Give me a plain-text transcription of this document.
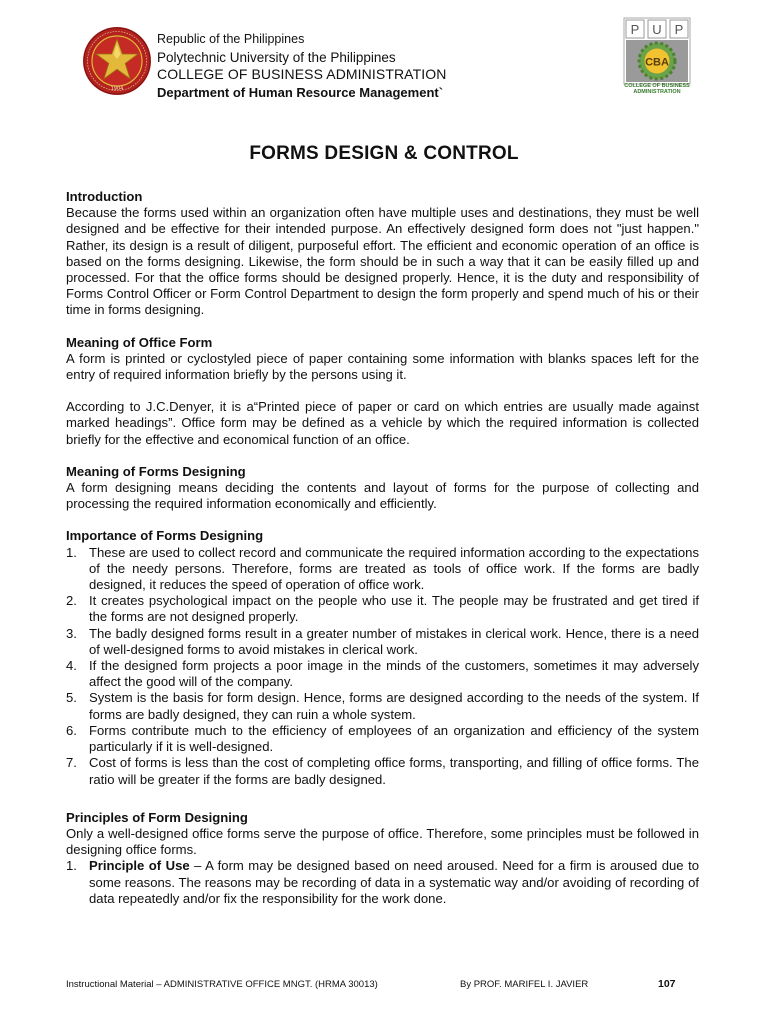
1904
Republic of the Philippines
Polytechnic University of the Philippines
COLLEGE OF BUSINESS ADMINISTRATION
Department of Human Resource Management`
P U P
CBA
COLLEGE OF BUSINESS ADMINISTRATION
FORMS DESIGN & CONTROL
Introduction

Because the forms used within an organization often have multiple uses and destinations, they must be well designed and be effective for their intended purpose. An effectively designed form does not "just happen." Rather, its design is a result of diligent, purposeful effort. The efficient and economic operation of an office is based on the forms designing. Likewise, the form should be in such a way that it can be easily filled up and processed. For that the office forms should be designed properly. Hence, it is the duty and responsibility of Forms Control Officer or Form Control Department to design the form properly and spend much of his or their time in forms designing.

Meaning of Office Form

A form is printed or cyclostyled piece of paper containing some information with blanks spaces left for the entry of required information briefly by the persons using it.

According to J.C.Denyer, it is a“Printed piece of paper or card on which entries are usually made against marked headings”. Office form may be defined as a vehicle by which the required information is collected briefly for the effective and economical function of an office.

Meaning of Forms Designing

A form designing means deciding the contents and layout of forms for the purpose of collecting and processing the required information economically and efficiently.

Importance of Forms Designing
1. These are used to collect record and communicate the required information according to the expectations of the needy persons. Therefore, forms are treated as tools of office work. If the forms are badly designed, it reduces the speed of operation of office work.
2. It creates psychological impact on the people who use it. The people may be frustrated and get tired if the forms are not designed properly.
3. The badly designed forms result in a greater number of mistakes in clerical work. Hence, there is a need of well-designed forms to avoid mistakes in clerical work.
4. If the designed form projects a poor image in the minds of the customers, sometimes it may adversely affect the good will of the company.
5. System is the basis for form design. Hence, forms are designed according to the needs of the system. If forms are badly designed, they can ruin a whole system.
6. Forms contribute much to the efficiency of employees of an organization and efficiency of the system particularly if it is well-designed.
7. Cost of forms is less than the cost of completing office forms, transporting, and filling of office forms. The ratio will be greater if the forms are badly designed.
Principles of Form Designing

Only a well-designed office forms serve the purpose of office. Therefore, some principles must be followed in designing office forms.

1. Principle of Use – A form may be designed based on need aroused. Need for a firm is aroused due to some reasons. The reasons may be recording of data in a systematic way and/or avoiding of recording of data repeatedly and/or fix the responsibility for the work done.
Instructional Material – ADMINISTRATIVE OFFICE MNGT. (HRMA 30013)	By PROF. MARIFEL I. JAVIER	107
